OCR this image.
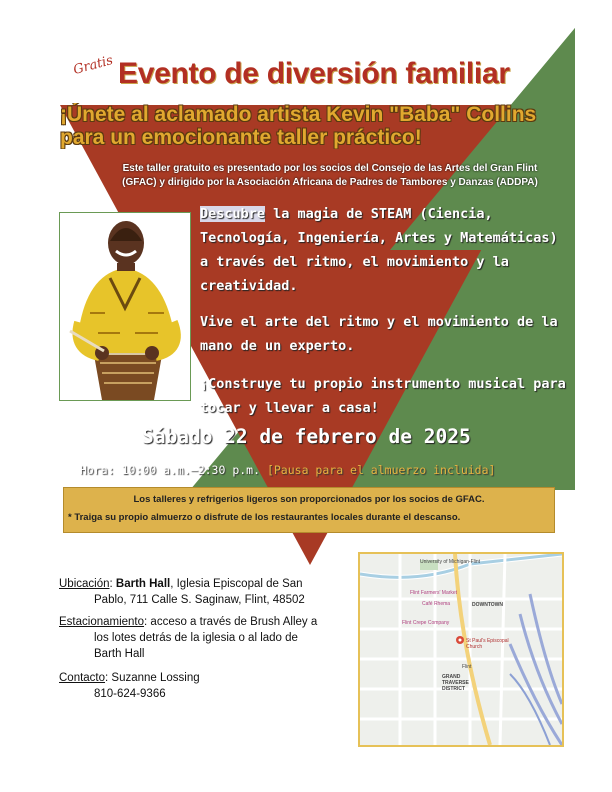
Gratis Evento de diversión familiar
¡Únete al aclamado artista Kevin "Baba" Collins
para un emocionante taller práctico!
Este taller gratuito es presentado por los socios del Consejo de las Artes del Gran Flint
(GFAC) y dirigido por la Asociación Africana de Padres de Tambores y Danzas (ADDPA)
Descubre la magia de STEAM (Ciencia, Tecnología, Ingeniería, Artes y Matemáticas) a través del ritmo, el movimiento y la creatividad.
Vive el arte del ritmo y el movimiento de la mano de un experto.
¡Construye tu propio instrumento musical para tocar y llevar a casa!
Sábado 22 de febrero de 2025
Hora: 10:00 a.m.–2:30 p.m. [Pausa para el almuerzo incluida]
Los talleres y refrigerios ligeros son proporcionados por los socios de GFAC.
* Traiga su propio almuerzo o disfrute de los restaurantes locales durante el descanso.
Ubicación: Barth Hall, Iglesia Episcopal de San
Pablo, 711 Calle S. Saginaw, Flint, 48502
Estacionamiento: acceso a través de Brush Alley a
los lotes detrás de la iglesia o al lado de
Barth Hall
Contacto: Suzanne Lossing
810-624-9366
University of Michigan-Flint
Flint Farmers' Market
Café Rhema	DOWNTOWN
Flint Crepe Company
St Paul's Episcopal Church
GRAND TRAVERSE DISTRICT
Flint
